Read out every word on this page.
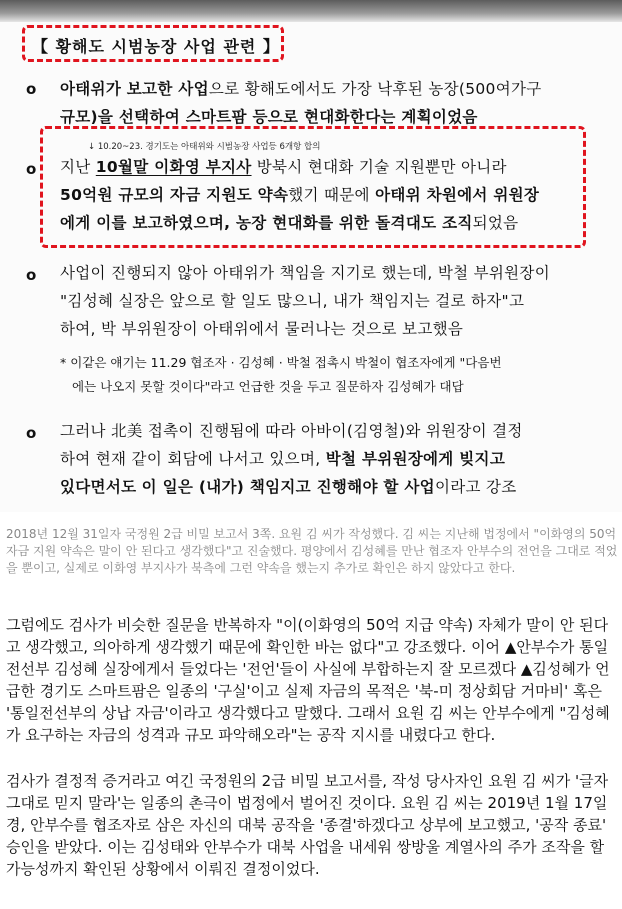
【 황해도 시범농장 사업 관련 】
o 아태위가 보고한 사업으로 황해도에서도 가장 낙후된 농장(500여가구
규모)을 선택하여 스마트팜 등으로 현대화한다는 계획이었음
↓ 10.20~23. 경기도는 아태위와 시범농장 사업등 6개항 합의
o 지난 10월말 이화영 부지사 방북시 현대화 기술 지원뿐만 아니라
50억원 규모의 자금 지원도 약속했기 때문에 아태위 차원에서 위원장
에게 이를 보고하였으며, 농장 현대화를 위한 돌격대도 조직되었음
o 사업이 진행되지 않아 아태위가 책임을 지기로 했는데, 박철 부위원장이
"김성혜 실장은 앞으로 할 일도 많으니, 내가 책임지는 걸로 하자"고
하여, 박 부위원장이 아태위에서 물러나는 것으로 보고했음
* 이같은 얘기는 11.29 협조자 · 김성혜 · 박철 접촉시 박철이 협조자에게 "다음번
에는 나오지 못할 것이다"라고 언급한 것을 두고 질문하자 김성혜가 대답
o 그러나 北美 접촉이 진행됨에 따라 아바이(김영철)와 위원장이 결정
하여 현재 같이 회담에 나서고 있으며, 박철 부위원장에게 빚지고
있다면서도 이 일은 (내가) 책임지고 진행해야 할 사업이라고 강조
2018년 12월 31일자 국정원 2급 비밀 보고서 3쪽. 요원 김 씨가 작성했다. 김 씨는 지난해 법정에서 "이화영의 50억 자금 지원 약속은 말이 안 된다고 생각했다"고 진술했다. 평양에서 김성혜를 만난 협조자 안부수의 전언을 그대로 적었을 뿐이고, 실제로 이화영 부지사가 북측에 그런 약속을 했는지 추가로 확인은 하지 않았다고 한다.
그럼에도 검사가 비슷한 질문을 반복하자 "이(이화영의 50억 지급 약속) 자체가 말이 안 된다고 생각했고, 의아하게 생각했기 때문에 확인한 바는 없다"고 강조했다. 이어 ▲안부수가 통일전선부 김성혜 실장에게서 들었다는 '전언'들이 사실에 부합하는지 잘 모르겠다 ▲김성혜가 언급한 경기도 스마트팜은 일종의 '구실'이고 실제 자금의 목적은 '북-미 정상회담 거마비' 혹은 '통일전선부의 상납 자금'이라고 생각했다고 말했다. 그래서 요원 김 씨는 안부수에게 "김성혜가 요구하는 자금의 성격과 규모 파악해오라"는 공작 지시를 내렸다고 한다.
검사가 결정적 증거라고 여긴 국정원의 2급 비밀 보고서를, 작성 당사자인 요원 김 씨가 '글자 그대로 믿지 말라'는 일종의 촌극이 법정에서 벌어진 것이다. 요원 김 씨는 2019년 1월 17일경, 안부수를 협조자로 삼은 자신의 대북 공작을 '종결'하겠다고 상부에 보고했고, '공작 종료' 승인을 받았다. 이는 김성태와 안부수가 대북 사업을 내세워 쌍방울 계열사의 주가 조작을 할 가능성까지 확인된 상황에서 이뤄진 결정이었다.
